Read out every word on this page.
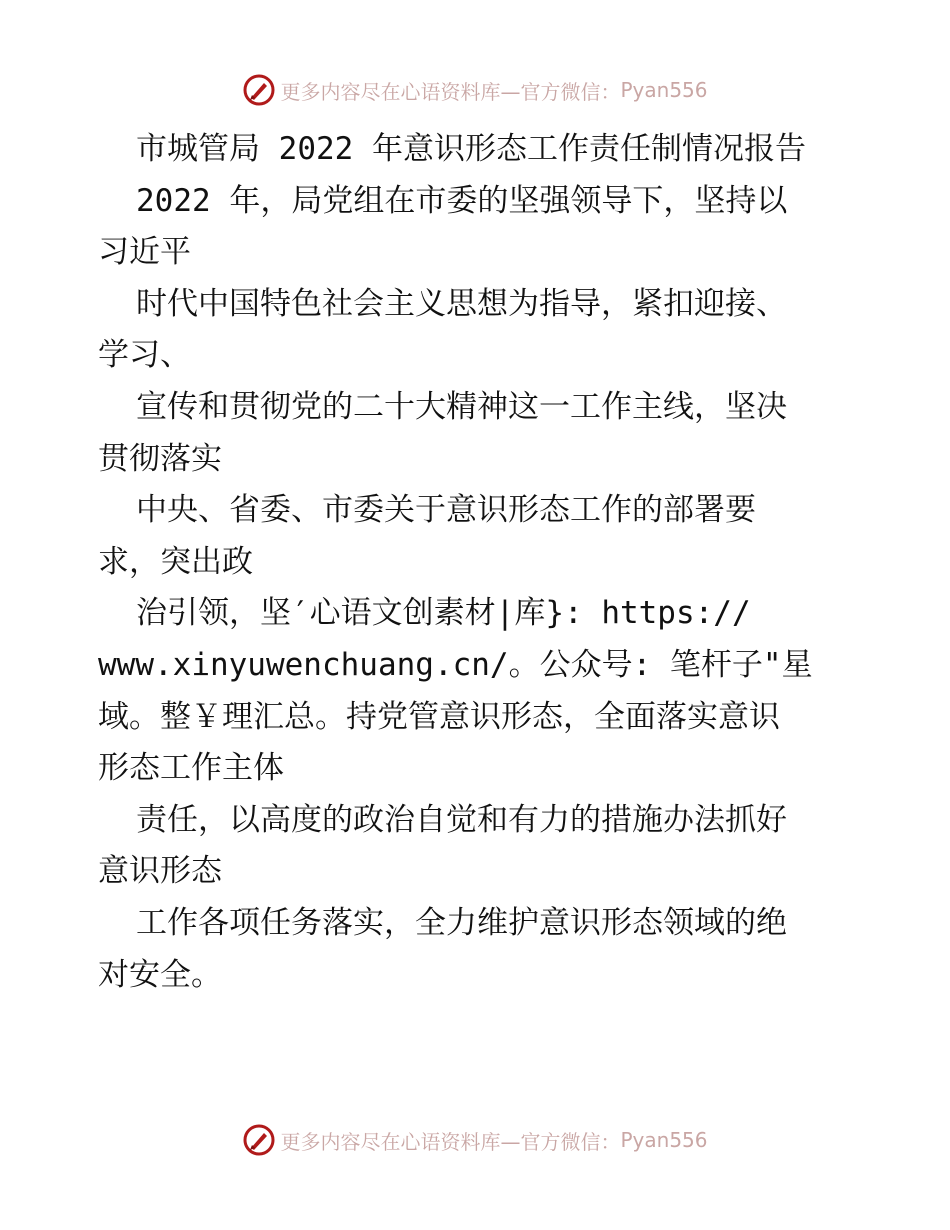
更多内容尽在心语资料库—官方微信： Pyan556
市城管局 2022 年意识形态工作责任制情况报告
2022 年，局党组在市委的坚强领导下，坚持以
习近平
时代中国特色社会主义思想为指导，紧扣迎接、
学习、
宣传和贯彻党的二十大精神这一工作主线，坚决
贯彻落实
中央、省委、市委关于意识形态工作的部署要
求，突出政
治引领，坚′心语文创素材|库}: https://
www.xinyuwenchuang.cn/。公众号: 笔杆子"星
域。整￥理汇总。持党管意识形态，全面落实意识
形态工作主体
责任，以高度的政治自觉和有力的措施办法抓好
意识形态
工作各项任务落实，全力维护意识形态领域的绝
对安全。
更多内容尽在心语资料库—官方微信： Pyan556
